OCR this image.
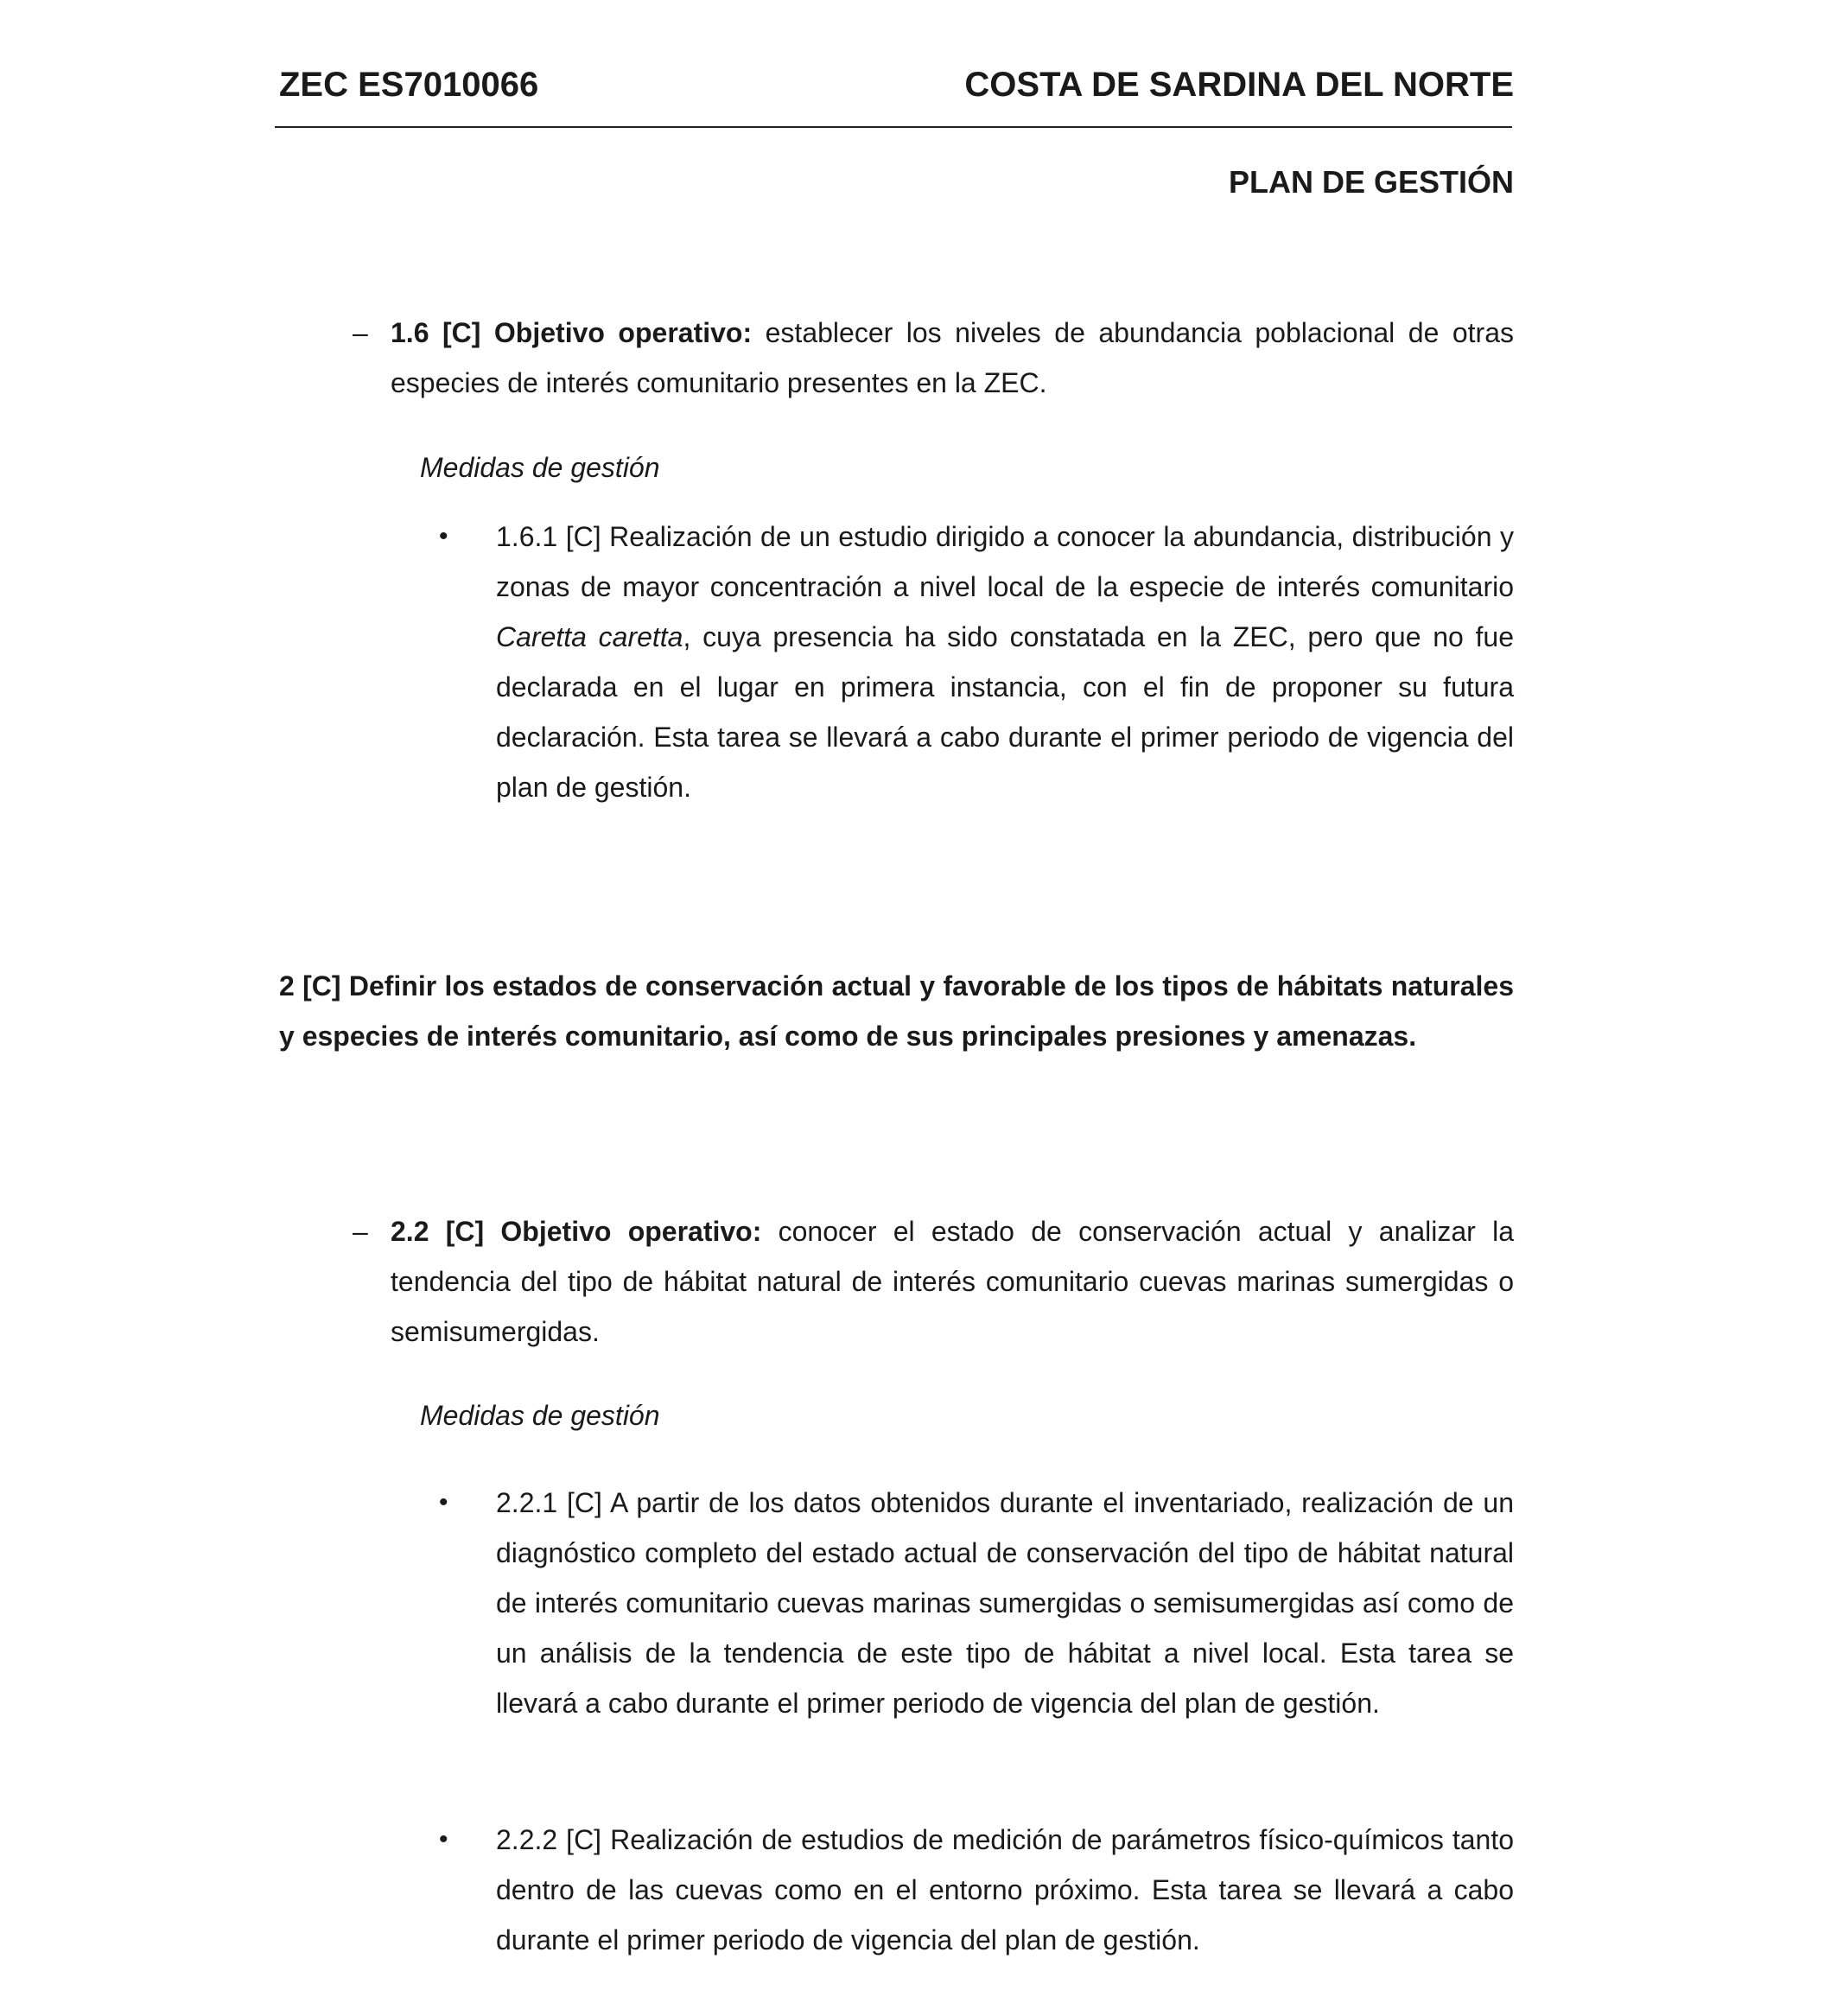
ZEC ES7010066	COSTA DE SARDINA DEL NORTE
PLAN DE GESTIÓN
– 1.6 [C] Objetivo operativo: establecer los niveles de abundancia poblacional de otras especies de interés comunitario presentes en la ZEC.

Medidas de gestión
• 1.6.1 [C] Realización de un estudio dirigido a conocer la abundancia, distribución y zonas de mayor concentración a nivel local de la especie de interés comunitario Caretta caretta, cuya presencia ha sido constatada en la ZEC, pero que no fue declarada en el lugar en primera instancia, con el fin de proponer su futura declaración. Esta tarea se llevará a cabo durante el primer periodo de vigencia del plan de gestión.

2 [C] Definir los estados de conservación actual y favorable de los tipos de hábitats naturales y especies de interés comunitario, así como de sus principales presiones y amenazas.

– 2.2 [C] Objetivo operativo: conocer el estado de conservación actual y analizar la tendencia del tipo de hábitat natural de interés comunitario cuevas marinas sumergidas o semisumergidas.

Medidas de gestión
• 2.2.1 [C] A partir de los datos obtenidos durante el inventariado, realización de un diagnóstico completo del estado actual de conservación del tipo de hábitat natural de interés comunitario cuevas marinas sumergidas o semisumergidas así como de un análisis de la tendencia de este tipo de hábitat a nivel local. Esta tarea se llevará a cabo durante el primer periodo de vigencia del plan de gestión.

• 2.2.2 [C] Realización de estudios de medición de parámetros físico-químicos tanto dentro de las cuevas como en el entorno próximo. Esta tarea se llevará a cabo durante el primer periodo de vigencia del plan de gestión.
